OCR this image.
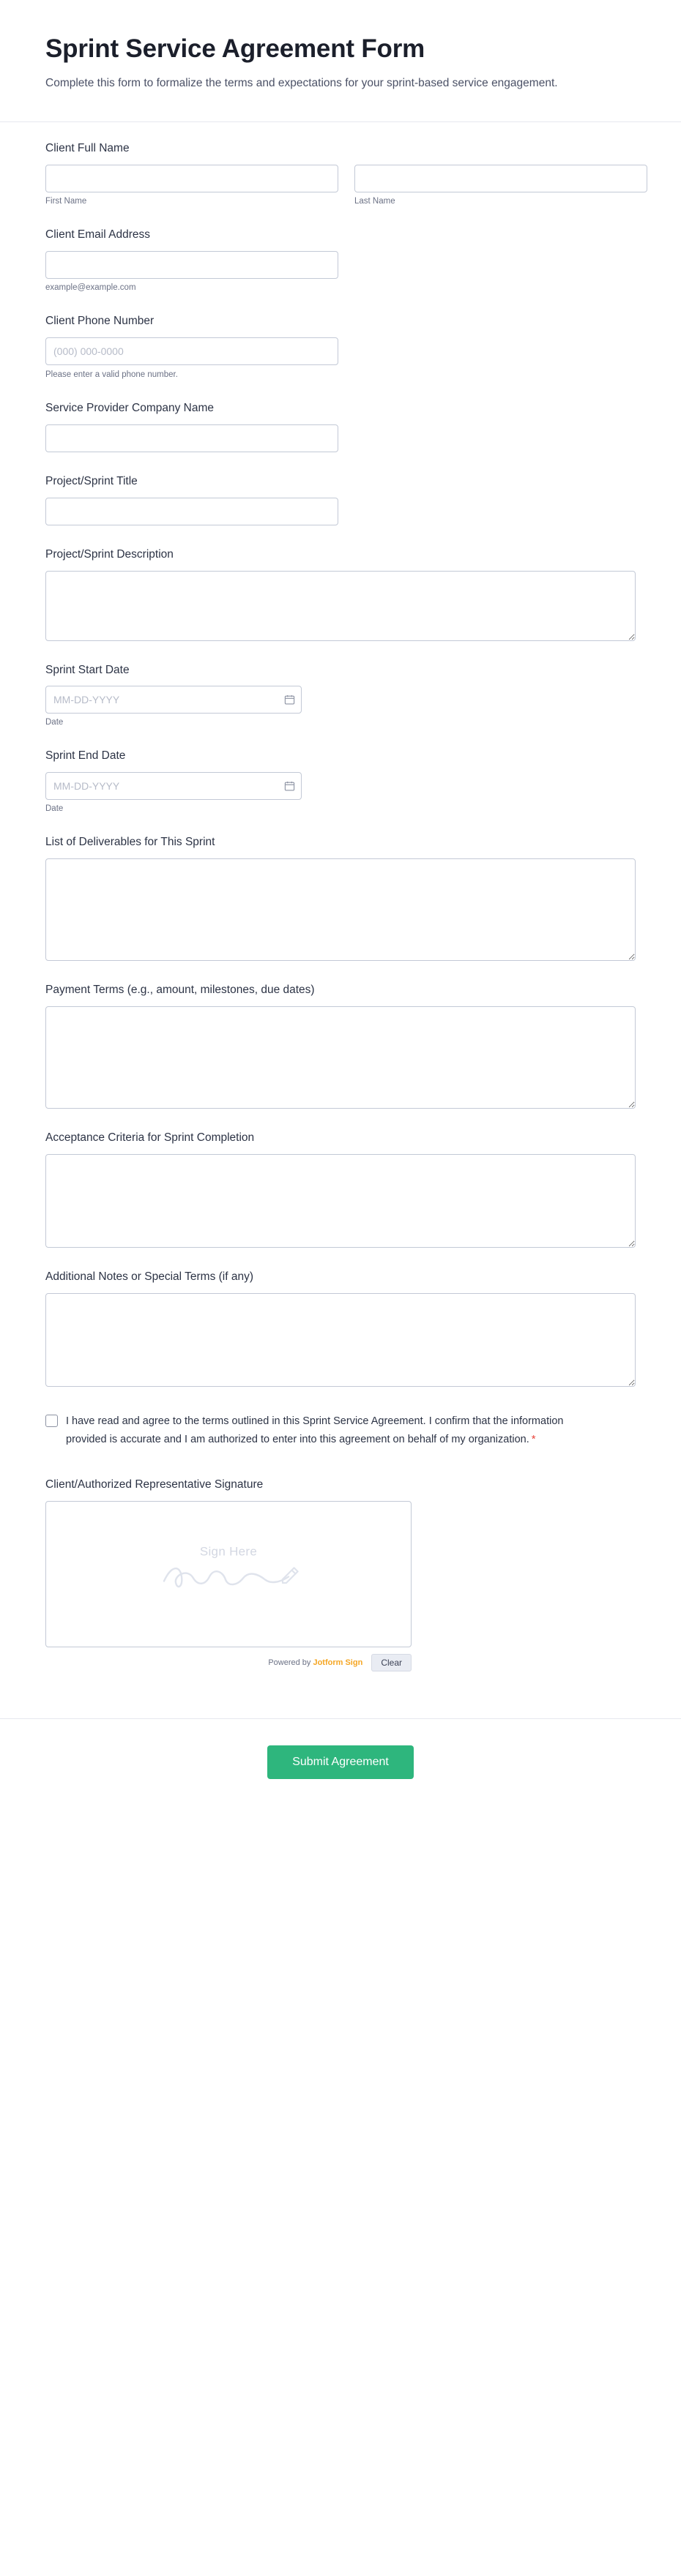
Sprint Service Agreement Form

Complete this form to formalize the terms and expectations for your sprint-based service engagement.

Client Full Name
First Name	Last Name
Client Email Address
example@example.com
Client Phone Number
(000) 000-0000
Please enter a valid phone number.
Service Provider Company Name
Project/Sprint Title
Project/Sprint Description
Sprint Start Date
MM-DD-YYYY
Date
Sprint End Date
MM-DD-YYYY
Date
List of Deliverables for This Sprint
Payment Terms (e.g., amount, milestones, due dates)
Acceptance Criteria for Sprint Completion
Additional Notes or Special Terms (if any)
I have read and agree to the terms outlined in this Sprint Service Agreement. I confirm that the information provided is accurate and I am authorized to enter into this agreement on behalf of my organization. *
Client/Authorized Representative Signature
Sign Here
Powered by Jotform Sign	Clear
Submit Agreement
